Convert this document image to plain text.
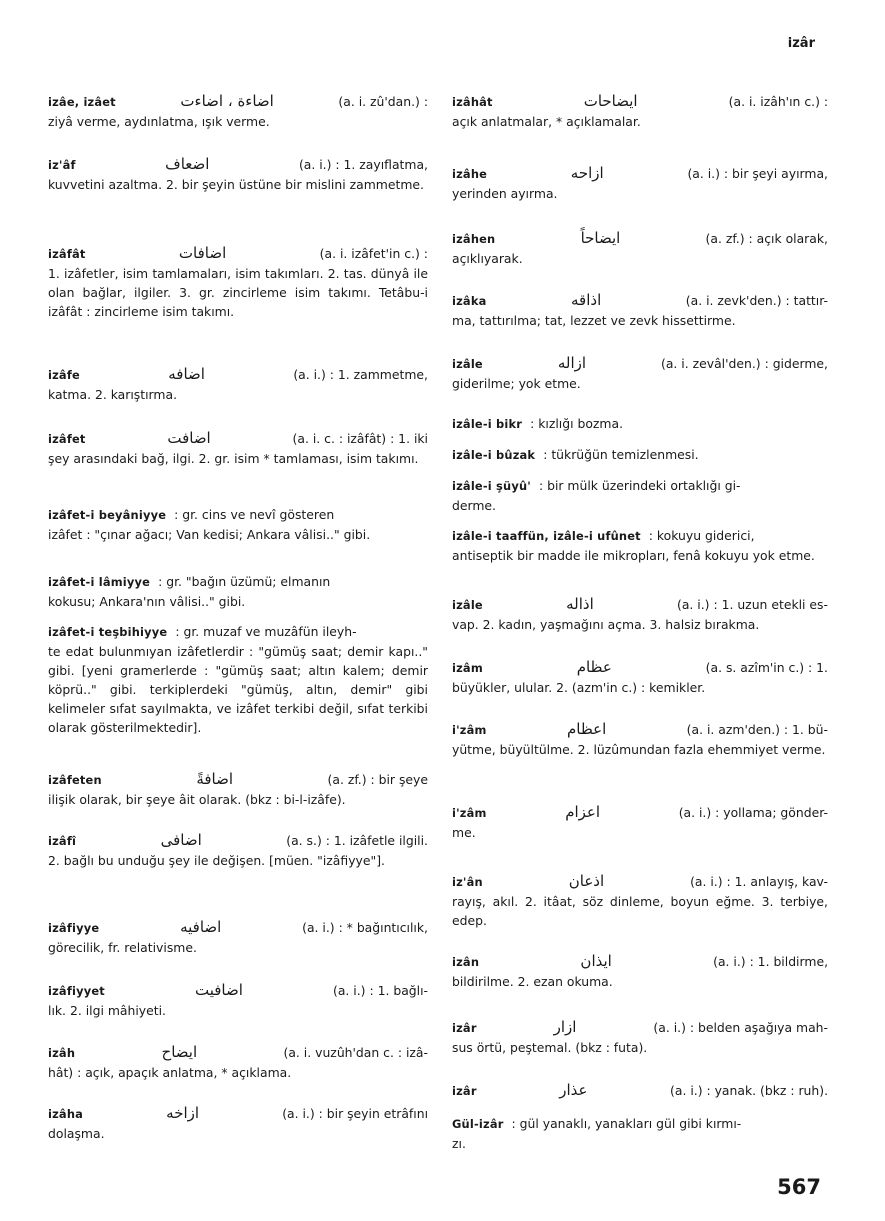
izâr
izâe, izâet	اضاءة ، اضاءت	(a. i. zû'dan.) :
ziyâ verme, aydınlatma, ışık verme.
iz'âf	اضعاف	(a. i.) : 1. zayıflatma,
kuvvetini azaltma. 2. bir şeyin üstüne bir mislini zammetme.
izâfât	اضافات	(a. i. izâfet'in c.) :
1. izâfetler, isim tamlamaları, isim takımları. 2. tas. dünyâ ile olan bağlar, ilgiler. 3. gr. zincirleme isim takımı. Tetâbu-i izâfât : zincirleme isim takımı.
izâfe	اضافه	(a. i.) : 1. zammetme,
katma. 2. karıştırma.
izâfet	اضافت	(a. i. c. : izâfât) : 1. iki
şey arasındaki bağ, ilgi. 2. gr. isim * tamlaması, isim takımı.
izâfet-i beyâniyye : gr. cins ve nevî gösteren
izâfet : "çınar ağacı; Van kedisi; Ankara vâlisi.." gibi.
izâfet-i lâmiyye : gr. "bağın üzümü; elmanın
kokusu; Ankara'nın vâlisi.." gibi.
izâfet-i teşbihiyye : gr. muzaf ve muzâfün ileyh-
te edat bulunmıyan izâfetlerdir : "gümüş saat; demir kapı.." gibi. [yeni gramerlerde : "gümüş saat; altın kalem; demir köprü.." gibi. terkiplerdeki "gümüş, altın, demir" gibi kelimeler sıfat sayılmakta, ve izâfet terkibi değil, sıfat terkibi olarak gösterilmektedir].
izâfeten	اضافةً	(a. zf.) : bir şeye
ilişik olarak, bir şeye âit olarak. (bkz : bi-l-izâfe).
izâfî	اضافى	(a. s.) : 1. izâfetle ilgili.
2. bağlı bu unduğu şey ile değişen. [müen. "izâfiyye"].
izâfiyye	اضافيه	(a. i.) : * bağıntıcılık,
görecilik, fr. relativisme.
izâfiyyet	اضافيت	(a. i.) : 1. bağlı-
lık. 2. ilgi mâhiyeti.
izâh	ايضاح	(a. i. vuzûh'dan c. : izâ-
hât) : açık, apaçık anlatma, * açıklama.
izâha	ازاخه	(a. i.) : bir şeyin etrâfını
dolaşma.
izâhât	ايضاحات	(a. i. izâh'ın c.) :
açık anlatmalar, * açıklamalar.
izâhe	ازاحه	(a. i.) : bir şeyi ayırma,
yerinden ayırma.
izâhen	ايضاحاً	(a. zf.) : açık olarak,
açıklıyarak.
izâka	اذاقه	(a. i. zevk'den.) : tattır-
ma, tattırılma; tat, lezzet ve zevk hissettirme.
izâle	ازاله	(a. i. zevâl'den.) : giderme,
giderilme; yok etme.
izâle-i bikr : kızlığı bozma.
izâle-i bûzak : tükrüğün temizlenmesi.
izâle-i şüyû' : bir mülk üzerindeki ortaklığı gi-
derme.
izâle-i taaffün, izâle-i ufûnet : kokuyu giderici,
antiseptik bir madde ile mikropları, fenâ kokuyu yok etme.
izâle	اذاله	(a. i.) : 1. uzun etekli es-
vap. 2. kadın, yaşmağını açma. 3. halsiz bırakma.
izâm	عظام	(a. s. azîm'in c.) : 1.
büyükler, ulular. 2. (azm'in c.) : kemikler.
i'zâm	اعظام	(a. i. azm'den.) : 1. bü-
yütme, büyültülme. 2. lüzûmundan fazla ehemmiyet verme.
i'zâm	اعزام	(a. i.) : yollama; gönder-
me.
iz'ân	اذعان	(a. i.) : 1. anlayış, kav-
rayış, akıl. 2. itâat, söz dinleme, boyun eğme. 3. terbiye, edep.
izân	ايذان	(a. i.) : 1. bildirme,
bildirilme. 2. ezan okuma.
izâr	ازار	(a. i.) : belden aşağıya mah-
sus örtü, peştemal. (bkz : futa).
izâr	عذار	(a. i.) : yanak. (bkz : ruh).
Gül-izâr : gül yanaklı, yanakları gül gibi kırmı-
zı.
567
